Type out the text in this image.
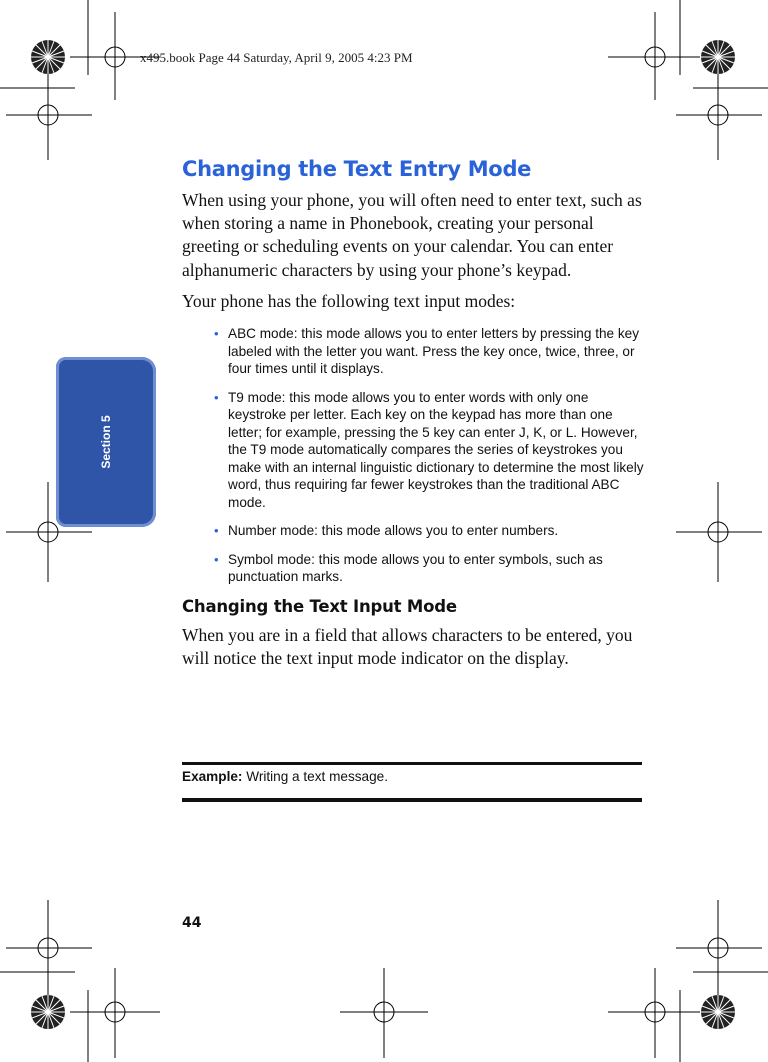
x495.book Page 44 Saturday, April 9, 2005 4:23 PM
Section 5
Changing the Text Entry Mode

When using your phone, you will often need to enter text, such as when storing a name in Phonebook, creating your personal greeting or scheduling events on your calendar. You can enter alphanumeric characters by using your phone’s keypad.

Your phone has the following text input modes:

• ABC mode: this mode allows you to enter letters by pressing the key labeled with the letter you want. Press the key once, twice, three, or four times until it displays.
• T9 mode: this mode allows you to enter words with only one keystroke per letter. Each key on the keypad has more than one letter; for example, pressing the 5 key can enter J, K, or L. However, the T9 mode automatically compares the series of keystrokes you make with an internal linguistic dictionary to determine the most likely word, thus requiring far fewer keystrokes than the traditional ABC mode.
• Number mode: this mode allows you to enter numbers.
• Symbol mode: this mode allows you to enter symbols, such as punctuation marks.
Changing the Text Input Mode

When you are in a field that allows characters to be entered, you will notice the text input mode indicator on the display.

Example: Writing a text message.
44
